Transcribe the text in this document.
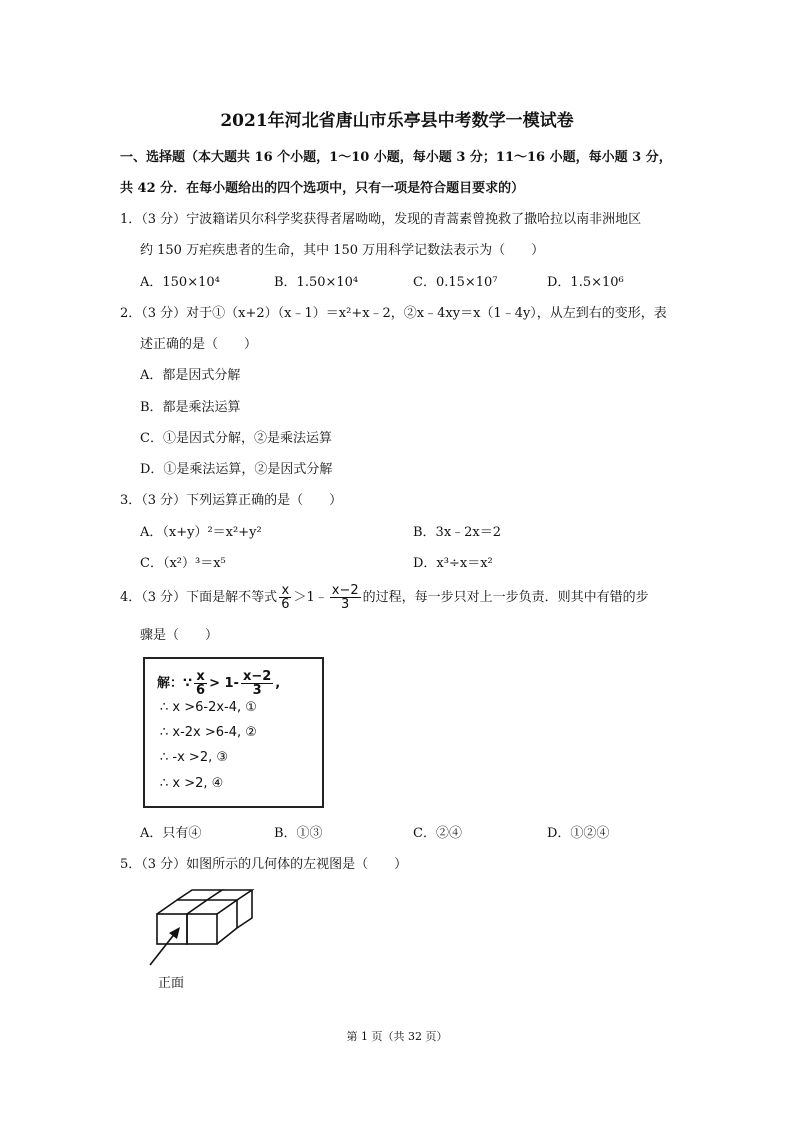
2021年河北省唐山市乐亭县中考数学一模试卷
一、选择题（本大题共 16 个小题，1～10 小题，每小题 3 分；11～16 小题，每小题 3 分，
共 42 分．在每小题给出的四个选项中，只有一项是符合题目要求的）
1．（3 分）宁波籍诺贝尔科学奖获得者屠呦呦，发现的青蒿素曾挽救了撒哈拉以南非洲地区
约 150 万疟疾患者的生命，其中 150 万用科学记数法表示为（　　）
A．150×10⁴	B．1.50×10⁴	C．0.15×10⁷	D．1.5×10⁶
2．（3 分）对于①（x+2）（x﹣1）＝x²+x﹣2，②x﹣4xy＝x（1﹣4y），从左到右的变形，表
述正确的是（　　）
A．都是因式分解
B．都是乘法运算
C．①是因式分解，②是乘法运算
D．①是乘法运算，②是因式分解
3．（3 分）下列运算正确的是（　　）
A．（x+y）²＝x²+y²	B．3x﹣2x＝2
C．（x²）³＝x⁵	D．x³÷x＝x²
4．（3 分）下面是解不等式 $\frac{x}{6}$ ＞1﹣ $\frac{x-2}{3}$ 的过程，每一步只对上一步负责．则其中有错的步
骤是（　　）
解：∵ $\frac{x}{6} > 1- \frac{x-2}{3}$ ,
∴ x >6-2x-4, ①
∴ x-2x >6-4, ②
∴ -x >2, ③
∴ x >2, ④
A．只有④	B．①③	C．②④	D．①②④
5．（3 分）如图所示的几何体的左视图是（　　）
正面
第 1 页（共 32 页）
